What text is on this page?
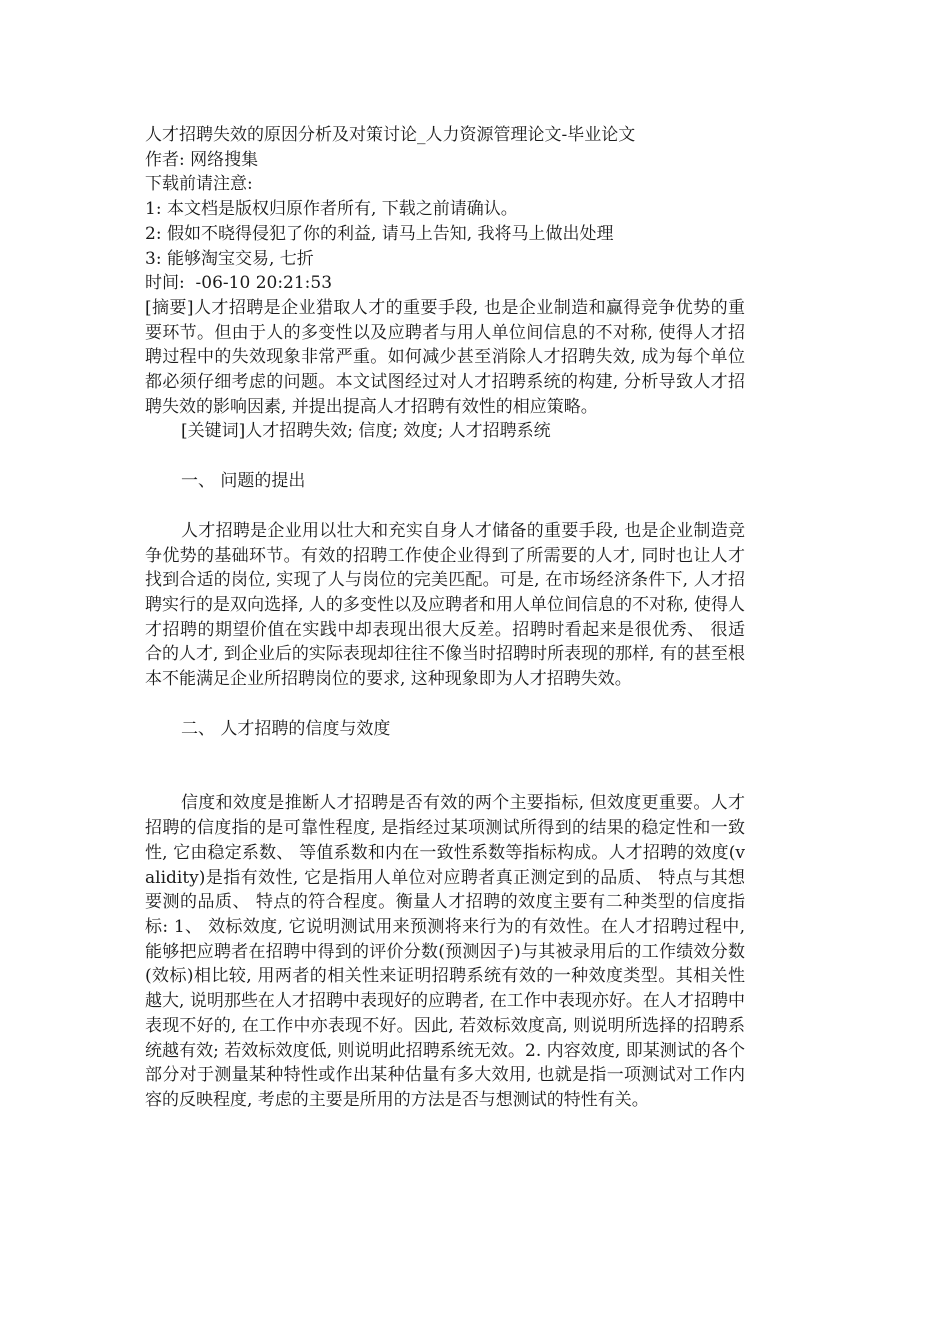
人才招聘失效的原因分析及对策讨论_人力资源管理论文-毕业论文

作者: 网络搜集

下载前请注意:

1: 本文档是版权归原作者所有, 下载之前请确认。

2: 假如不晓得侵犯了你的利益, 请马上告知, 我将马上做出处理

3: 能够淘宝交易, 七折

时间:  -06-10 20:21:53

[摘要]人才招聘是企业猎取人才的重要手段, 也是企业制造和赢得竞争优势的重要环节。但由于人的多变性以及应聘者与用人单位间信息的不对称, 使得人才招聘过程中的失效现象非常严重。如何减少甚至消除人才招聘失效, 成为每个单位都必须仔细考虑的问题。本文试图经过对人才招聘系统的构建, 分析导致人才招聘失效的影响因素, 并提出提高人才招聘有效性的相应策略。

[关键词]人才招聘失效; 信度; 效度; 人才招聘系统

一、 问题的提出

人才招聘是企业用以壮大和充实自身人才储备的重要手段, 也是企业制造竞争优势的基础环节。有效的招聘工作使企业得到了所需要的人才, 同时也让人才找到合适的岗位, 实现了人与岗位的完美匹配。可是, 在市场经济条件下, 人才招聘实行的是双向选择, 人的多变性以及应聘者和用人单位间信息的不对称, 使得人才招聘的期望价值在实践中却表现出很大反差。招聘时看起来是很优秀、 很适合的人才, 到企业后的实际表现却往往不像当时招聘时所表现的那样, 有的甚至根本不能满足企业所招聘岗位的要求, 这种现象即为人才招聘失效。

二、 人才招聘的信度与效度

信度和效度是推断人才招聘是否有效的两个主要指标, 但效度更重要。人才招聘的信度指的是可靠性程度, 是指经过某项测试所得到的结果的稳定性和一致性, 它由稳定系数、 等值系数和内在一致性系数等指标构成。人才招聘的效度(validity)是指有效性, 它是指用人单位对应聘者真正测定到的品质、 特点与其想要测的品质、 特点的符合程度。衡量人才招聘的效度主要有二种类型的信度指标: 1、 效标效度, 它说明测试用来预测将来行为的有效性。在人才招聘过程中, 能够把应聘者在招聘中得到的评价分数(预测因子)与其被录用后的工作绩效分数(效标)相比较, 用两者的相关性来证明招聘系统有效的一种效度类型。其相关性越大, 说明那些在人才招聘中表现好的应聘者, 在工作中表现亦好。在人才招聘中表现不好的, 在工作中亦表现不好。因此, 若效标效度高, 则说明所选择的招聘系统越有效; 若效标效度低, 则说明此招聘系统无效。2. 内容效度, 即某测试的各个部分对于测量某种特性或作出某种估量有多大效用, 也就是指一项测试对工作内容的反映程度, 考虑的主要是所用的方法是否与想测试的特性有关。
